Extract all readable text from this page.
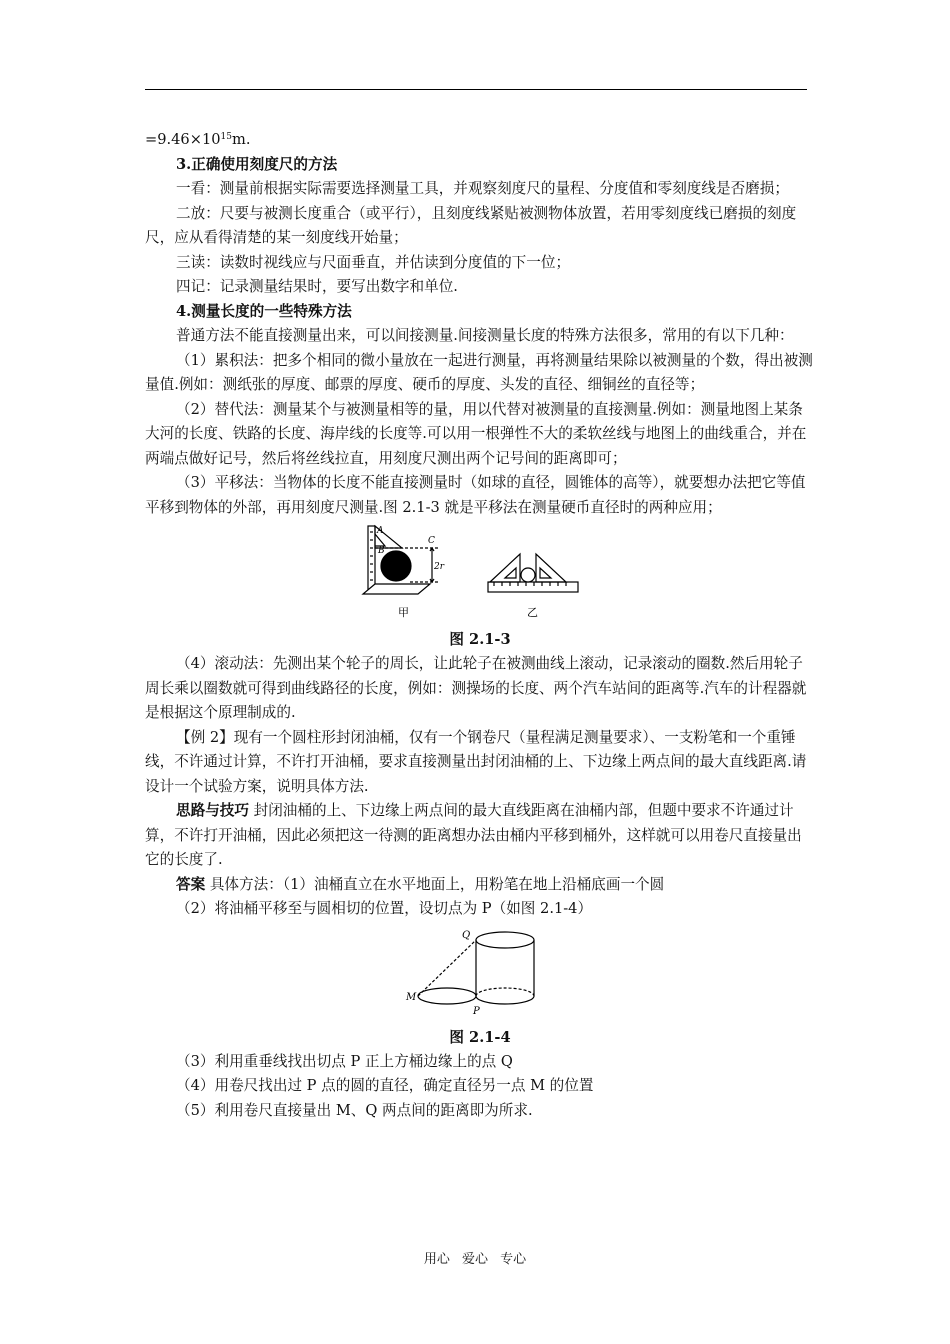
$=9.46\times 10^{15}m$.

3.正确使用刻度尺的方法

一看：测量前根据实际需要选择测量工具，并观察刻度尺的量程、分度值和零刻度线是否磨损；

二放：尺要与被测长度重合（或平行），且刻度线紧贴被测物体放置，若用零刻度线已磨损的刻度尺，应从看得清楚的某一刻度线开始量；

三读：读数时视线应与尺面垂直，并估读到分度值的下一位；

四记：记录测量结果时，要写出数字和单位.

4.测量长度的一些特殊方法

普通方法不能直接测量出来，可以间接测量.间接测量长度的特殊方法很多，常用的有以下几种：

（1）累积法：把多个相同的微小量放在一起进行测量，再将测量结果除以被测量的个数，得出被测量值.例如：测纸张的厚度、邮票的厚度、硬币的厚度、头发的直径、细铜丝的直径等；

（2）替代法：测量某个与被测量相等的量，用以代替对被测量的直接测量.例如：测量地图上某条大河的长度、铁路的长度、海岸线的长度等.可以用一根弹性不大的柔软丝线与地图上的曲线重合，并在两端点做好记号，然后将丝线拉直，用刻度尺测出两个记号间的距离即可；

（3）平移法：当物体的长度不能直接测量时（如球的直径，圆锥体的高等），就要想办法把它等值平移到物体的外部，再用刻度尺测量.图 2.1-3 就是平移法在测量硬币直径时的两种应用；

A
B
C
2r
甲	乙

图 2.1-3

（4）滚动法：先测出某个轮子的周长，让此轮子在被测曲线上滚动，记录滚动的圈数.然后用轮子周长乘以圈数就可得到曲线路径的长度，例如：测操场的长度、两个汽车站间的距离等.汽车的计程器就是根据这个原理制成的.

【例 2】现有一个圆柱形封闭油桶，仅有一个钢卷尺（量程满足测量要求）、一支粉笔和一个重锤线，不许通过计算，不许打开油桶，要求直接测量出封闭油桶的上、下边缘上两点间的最大直线距离.请设计一个试验方案，说明具体方法.

思路与技巧 封闭油桶的上、下边缘上两点间的最大直线距离在油桶内部，但题中要求不许通过计算，不许打开油桶，因此必须把这一待测的距离想办法由桶内平移到桶外，这样就可以用卷尺直接量出它的长度了.

答案 具体方法：（1）油桶直立在水平地面上，用粉笔在地上沿桶底画一个圆

（2）将油桶平移至与圆相切的位置，设切点为 P（如图 2.1-4）

Q
M
P

图 2.1-4

（3）利用重垂线找出切点 P 正上方桶边缘上的点 Q

（4）用卷尺找出过 P 点的圆的直径，确定直径另一点 M 的位置

（5）利用卷尺直接量出 M、Q 两点间的距离即为所求.

用心 爱心 专心
